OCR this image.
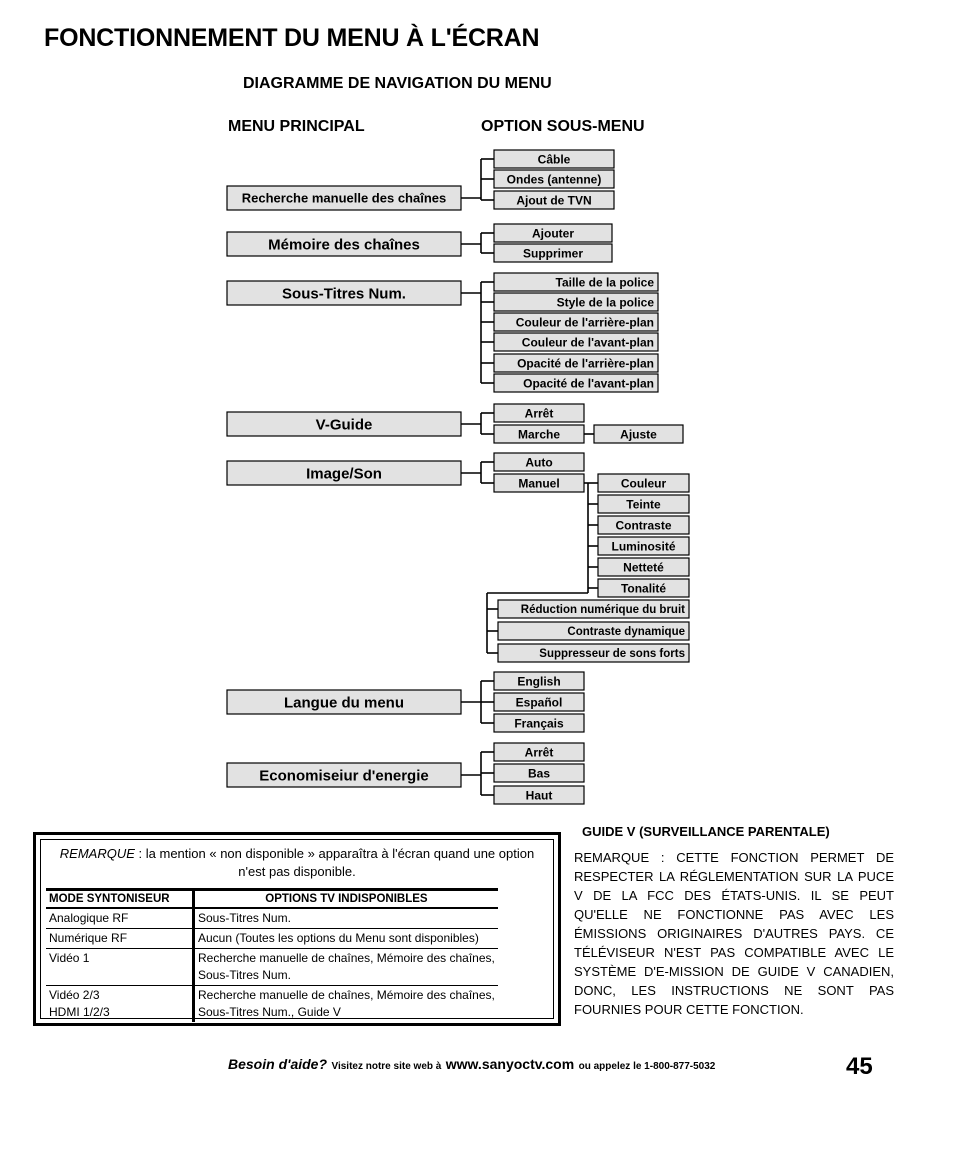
FONCTIONNEMENT DU MENU À L'ÉCRAN
DIAGRAMME DE NAVIGATION DU MENU
MENU PRINCIPAL	OPTION SOUS-MENU
Recherche manuelle des chaînes
Câble
Ondes (antenne)
Ajout de TVN
Mémoire des chaînes
Ajouter
Supprimer
Sous-Titres Num.
Taille de la police
Style de la police
Couleur de l'arrière-plan
Couleur de l'avant-plan
Opacité de l'arrière-plan
Opacité de l'avant-plan
V-Guide
Arrêt
Marche
Image/Son
Auto
Manuel
Langue du menu
English
Español
Français
Economiseiur d'energie
Arrêt
Bas
Haut
Ajuste
Couleur
Teinte
Contraste
Luminosité
Netteté
Tonalité
Réduction numérique du bruit
Contraste dynamique
Suppresseur de sons forts
REMARQUE : la mention « non disponible » apparaîtra à l'écran quand une option n'est pas disponible.
MODE SYNTONISEUR	OPTIONS TV INDISPONIBLES
Analogique RF	Sous-Titres Num.
Numérique RF	Aucun (Toutes les options du Menu sont disponibles)
Vidéo 1	Recherche manuelle de chaînes, Mémoire des chaînes,
Sous-Titres Num.
Vidéo 2/3
HDMI 1/2/3	Recherche manuelle de chaînes, Mémoire des chaînes,
Sous-Titres Num., Guide V
GUIDE V (SURVEILLANCE PARENTALE)
REMARQUE : CETTE FONCTION PERMET DE RESPECTER LA RÉGLEMENTATION SUR LA PUCE V DE LA FCC DES ÉTATS-UNIS. IL SE PEUT QU'ELLE NE FONCTIONNE PAS AVEC LES ÉMISSIONS ORIGINAIRES D'AUTRES PAYS. CE TÉLÉVISEUR N'EST PAS COMPATIBLE AVEC LE SYSTÈME D'E-MISSION DE GUIDE V CANADIEN, DONC, LES INSTRUCTIONS NE SONT PAS FOURNIES POUR CETTE FONCTION.
Besoin d'aide? Visitez notre site web à www.sanyoctv.com ou appelez le 1-800-877-5032	45
